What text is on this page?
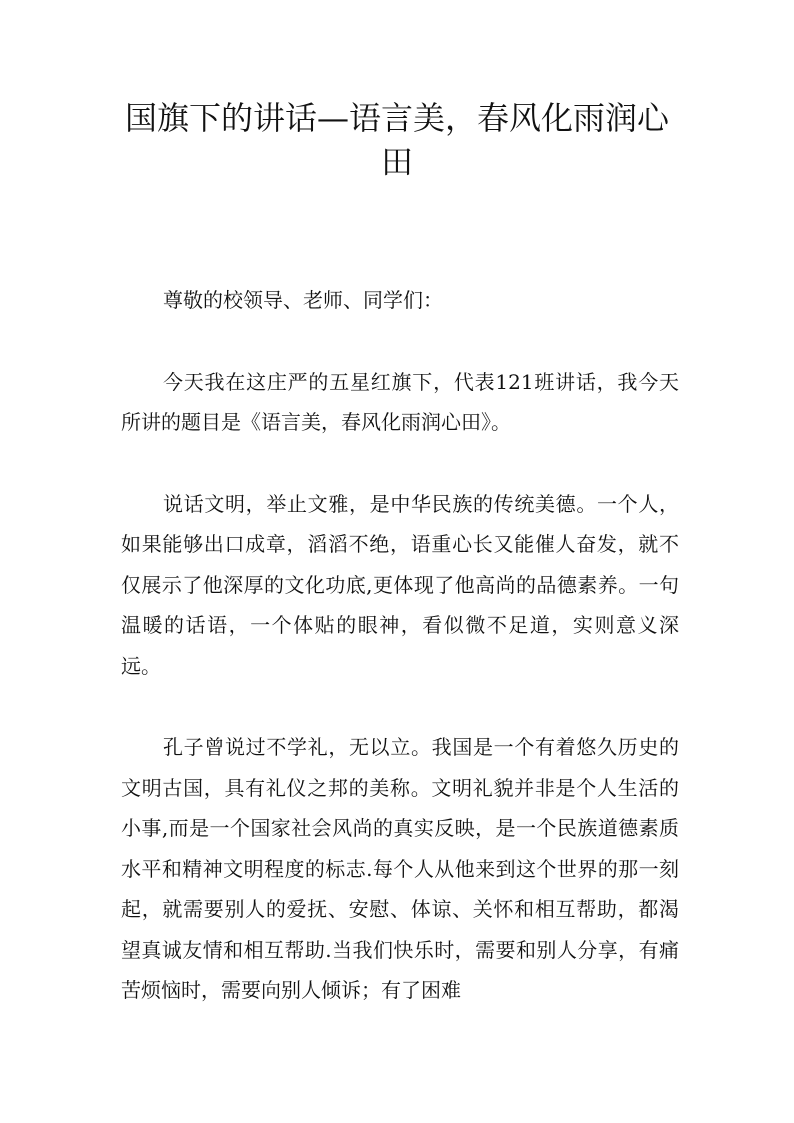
国旗下的讲话—语言美，春风化雨润心田

尊敬的校领导、老师、同学们：

今天我在这庄严的五星红旗下，代表121班讲话，我今天所讲的题目是《语言美，春风化雨润心田》。

说话文明，举止文雅，是中华民族的传统美德。一个人，如果能够出口成章，滔滔不绝，语重心长又能催人奋发，就不仅展示了他深厚的文化功底,更体现了他高尚的品德素养。一句温暖的话语，一个体贴的眼神，看似微不足道，实则意义深远。

孔子曾说过不学礼，无以立。我国是一个有着悠久历史的文明古国，具有礼仪之邦的美称。文明礼貌并非是个人生活的小事,而是一个国家社会风尚的真实反映，是一个民族道德素质水平和精神文明程度的标志.每个人从他来到这个世界的那一刻起，就需要别人的爱抚、安慰、体谅、关怀和相互帮助，都渴望真诚友情和相互帮助.当我们快乐时，需要和别人分享，有痛苦烦恼时，需要向别人倾诉；有了困难
